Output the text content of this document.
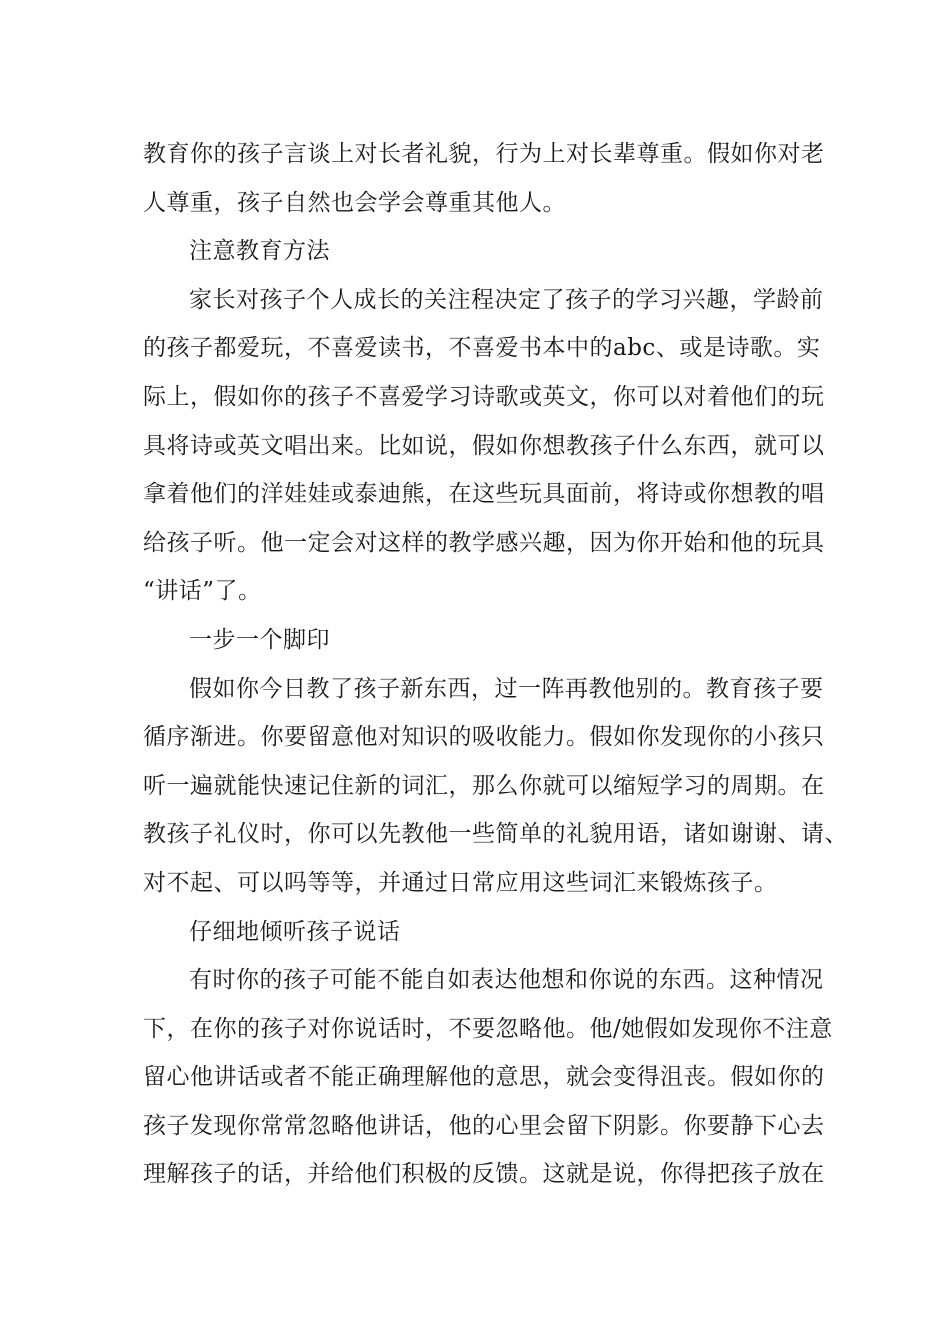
教育你的孩子言谈上对长者礼貌，行为上对长辈尊重。假如你对老
人尊重，孩子自然也会学会尊重其他人。
注意教育方法
家长对孩子个人成长的关注程决定了孩子的学习兴趣，学龄前
的孩子都爱玩，不喜爱读书，不喜爱书本中的abc、或是诗歌。实
际上，假如你的孩子不喜爱学习诗歌或英文，你可以对着他们的玩
具将诗或英文唱出来。比如说，假如你想教孩子什么东西，就可以
拿着他们的洋娃娃或泰迪熊，在这些玩具面前，将诗或你想教的唱
给孩子听。他一定会对这样的教学感兴趣，因为你开始和他的玩具
“讲话”了。
一步一个脚印
假如你今日教了孩子新东西，过一阵再教他别的。教育孩子要
循序渐进。你要留意他对知识的吸收能力。假如你发现你的小孩只
听一遍就能快速记住新的词汇，那么你就可以缩短学习的周期。在
教孩子礼仪时，你可以先教他一些简单的礼貌用语，诸如谢谢、请、
对不起、可以吗等等，并通过日常应用这些词汇来锻炼孩子。
仔细地倾听孩子说话
有时你的孩子可能不能自如表达他想和你说的东西。这种情况
下，在你的孩子对你说话时，不要忽略他。他/她假如发现你不注意
留心他讲话或者不能正确理解他的意思，就会变得沮丧。假如你的
孩子发现你常常忽略他讲话，他的心里会留下阴影。你要静下心去
理解孩子的话，并给他们积极的反馈。这就是说，你得把孩子放在
